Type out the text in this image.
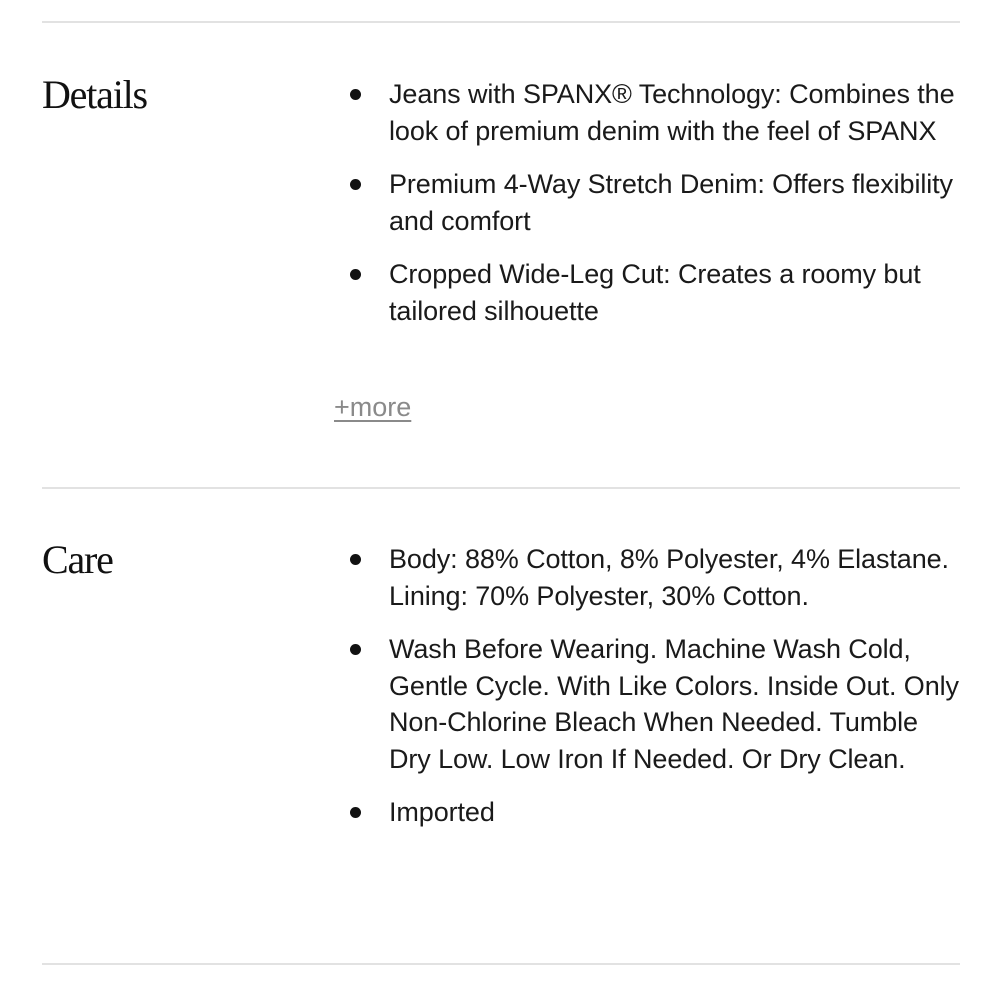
Details	Jeans with SPANX® Technology: Combines the look of premium denim with the feel of SPANX
Premium 4-Way Stretch Denim: Offers flexibility and comfort
Cropped Wide-Leg Cut: Creates a roomy but tailored silhouette
+more
Care	Body: 88% Cotton, 8% Polyester, 4% Elastane. Lining: 70% Polyester, 30% Cotton.
Wash Before Wearing. Machine Wash Cold, Gentle Cycle. With Like Colors. Inside Out. Only Non-Chlorine Bleach When Needed. Tumble Dry Low. Low Iron If Needed. Or Dry Clean.
Imported
